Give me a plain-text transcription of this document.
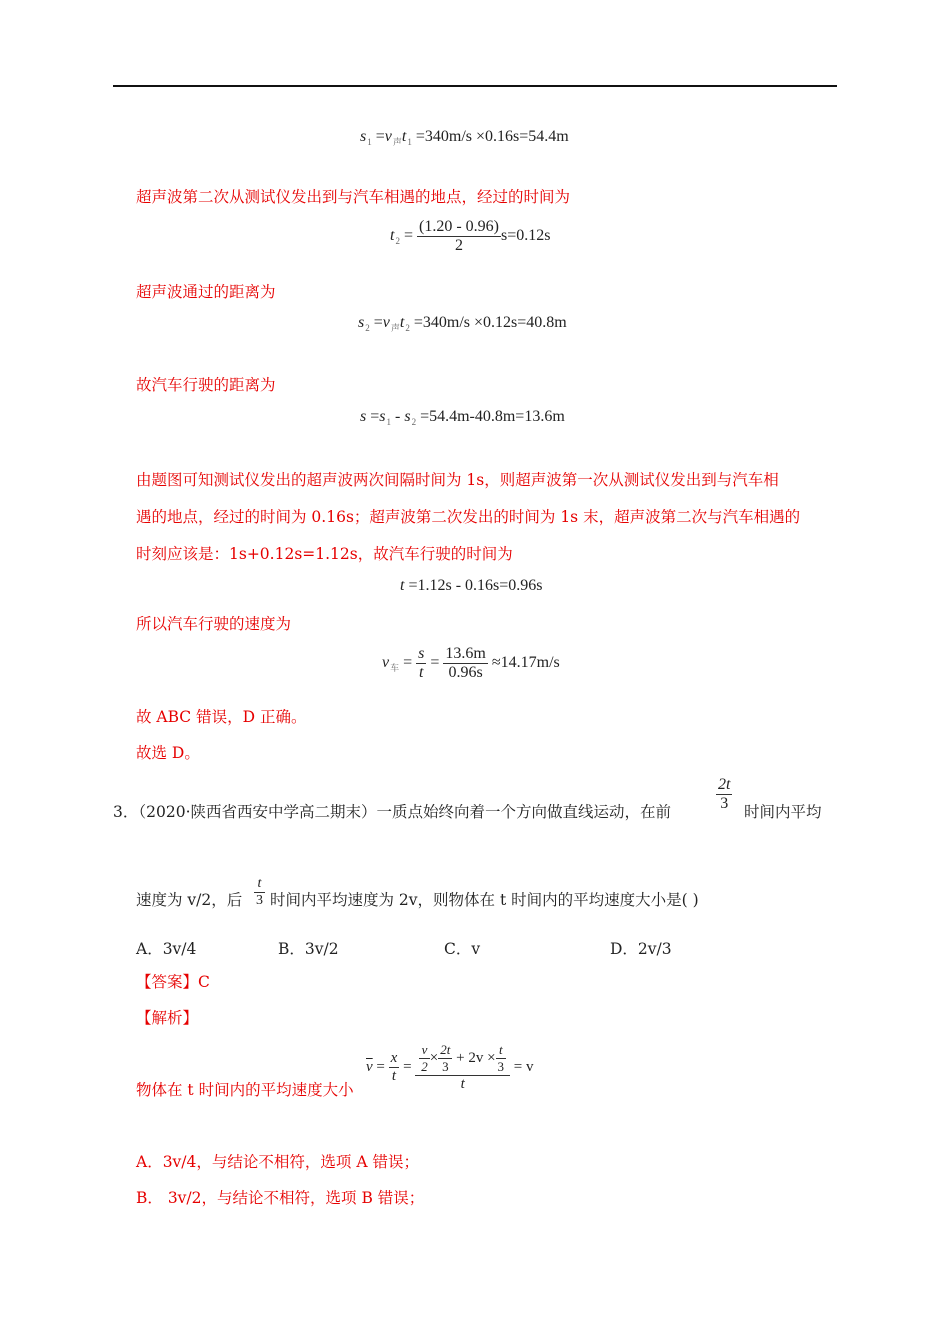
$s_1 =v_声t_1 =340m/s \times 0.16s=54.4m$
超声波第二次从测试仪发出到与汽车相遇的地点，经过的时间为
$t_2 = \frac{(1.20 - 0.96)}{2} s=0.12s$
超声波通过的距离为
$s_2 =v_声t_2 =340m/s \times 0.12s=40.8m$
故汽车行驶的距离为
$s =s_1 - s_2 =54.4m-40.8m=13.6m$
由题图可知测试仪发出的超声波两次间隔时间为 1s，则超声波第一次从测试仪发出到与汽车相
遇的地点，经过的时间为 0.16s；超声波第二次发出的时间为 1s 末，超声波第二次与汽车相遇的
时刻应该是：1s+0.12s=1.12s，故汽车行驶的时间为
t =1.12s - 0.16s=0.96s
所以汽车行驶的速度为
$v_车 = \frac{s}{t} = \frac{13.6m}{0.96s} \approx 14.17m/s$
故 ABC 错误，D 正确。
故选 D。
3．（2020·陕西省西安中学高二期末）一质点始终向着一个方向做直线运动，在前	$\frac{2t}{3}$ 时间内平均
速度为 v/2，后 $\frac{t}{3}$ 时间内平均速度为 2v，则物体在 t 时间内的平均速度大小是( )
A．3v/4	B．3v/2	C．v	D．2v/3
【答案】C
【解析】
物体在 t 时间内的平均速度大小
$\overline{v} = \frac{x}{t} = \frac{\frac{v}{2} \times \frac{2t}{3} + 2v \times \frac{t}{3}}{t} = v$
A．3v/4，与结论不相符，选项 A 错误；
B． 3v/2，与结论不相符，选项 B 错误；
